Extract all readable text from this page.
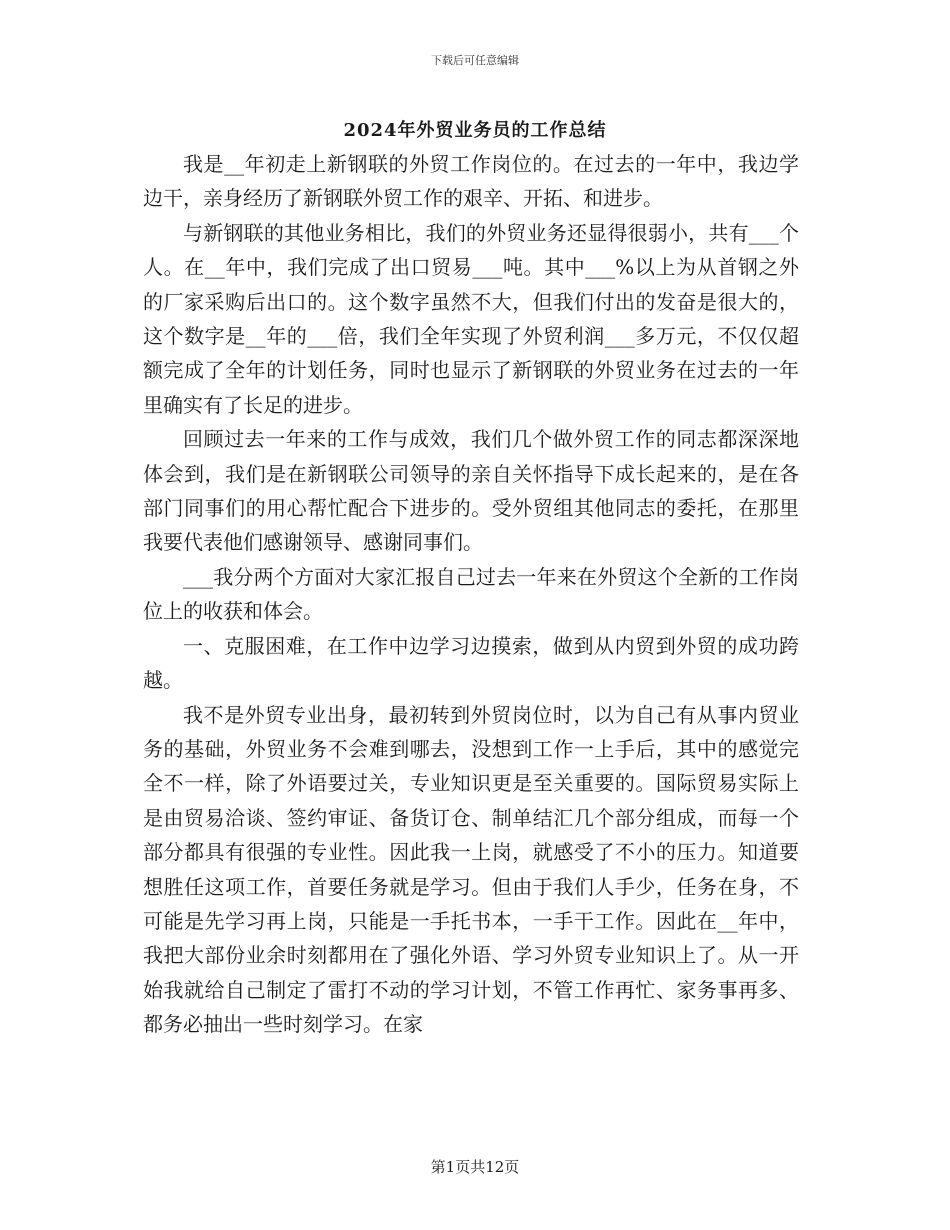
下载后可任意编辑
2024年外贸业务员的工作总结

我是__年初走上新钢联的外贸工作岗位的。在过去的一年中，我边学边干，亲身经历了新钢联外贸工作的艰辛、开拓、和进步。

与新钢联的其他业务相比，我们的外贸业务还显得很弱小，共有___个人。在__年中，我们完成了出口贸易___吨。其中___%以上为从首钢之外的厂家采购后出口的。这个数字虽然不大，但我们付出的发奋是很大的，这个数字是__年的___倍，我们全年实现了外贸利润___多万元，不仅仅超额完成了全年的计划任务，同时也显示了新钢联的外贸业务在过去的一年里确实有了长足的进步。

回顾过去一年来的工作与成效，我们几个做外贸工作的同志都深深地体会到，我们是在新钢联公司领导的亲自关怀指导下成长起来的，是在各部门同事们的用心帮忙配合下进步的。受外贸组其他同志的委托，在那里我要代表他们感谢领导、感谢同事们。

___我分两个方面对大家汇报自己过去一年来在外贸这个全新的工作岗位上的收获和体会。

一、克服困难，在工作中边学习边摸索，做到从内贸到外贸的成功跨越。

我不是外贸专业出身，最初转到外贸岗位时，以为自己有从事内贸业务的基础，外贸业务不会难到哪去，没想到工作一上手后，其中的感觉完全不一样，除了外语要过关，专业知识更是至关重要的。国际贸易实际上是由贸易洽谈、签约审证、备货订仓、制单结汇几个部分组成，而每一个部分都具有很强的专业性。因此我一上岗，就感受了不小的压力。知道要想胜任这项工作，首要任务就是学习。但由于我们人手少，任务在身，不可能是先学习再上岗，只能是一手托书本，一手干工作。因此在__年中，我把大部份业余时刻都用在了强化外语、学习外贸专业知识上了。从一开始我就给自己制定了雷打不动的学习计划，不管工作再忙、家务事再多、都务必抽出一些时刻学习。在家

第1页共12页
